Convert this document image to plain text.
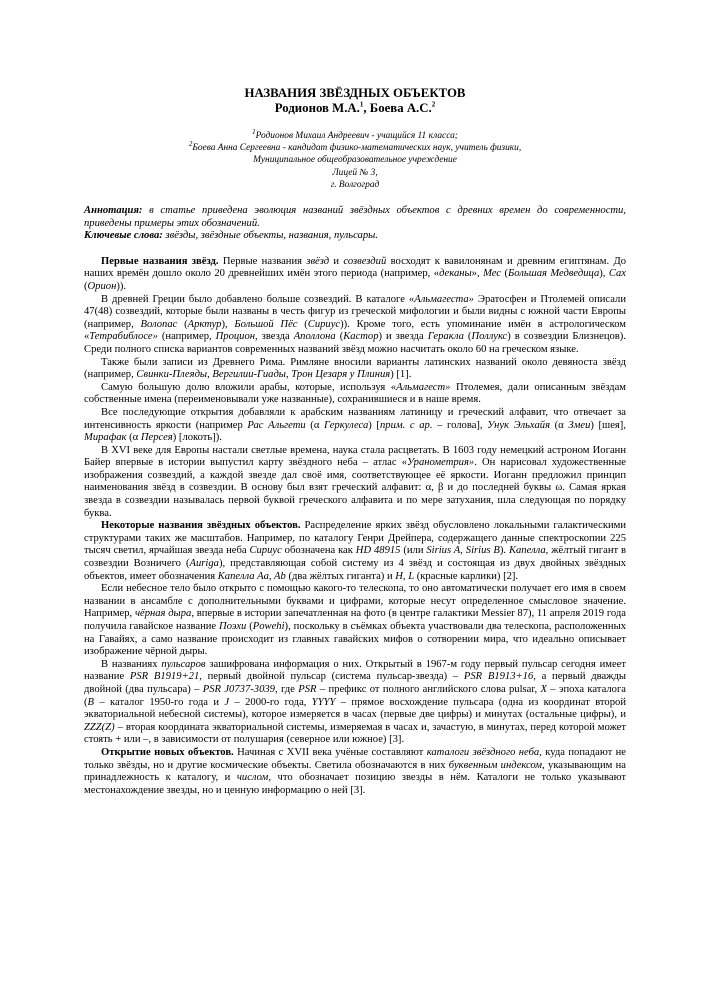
НАЗВАНИЯ ЗВЁЗДНЫХ ОБЪЕКТОВ
Родионов М.А.$^1$, Боева А.С.$^2$
$^1$Родионов Михаил Андреевич - учащийся 11 класса;
$^2$Боева Анна Сергеевна - кандидат физико-математических наук, учитель физики,
Муниципальное общеобразовательное учреждение
Лицей № 3,
г. Волгоград
Аннотация: в статье приведена эволюция названий звёздных объектов с древних времен до современности, приведены примеры этих обозначений.
Ключевые слова: звёзды, звёздные объекты, названия, пульсары.

Первые названия звёзд. Первые названия звёзд и созвездий восходят к вавилонянам и древним египтянам. До наших времён дошло около 20 древнейших имён этого периода (например, «деканы», Мес (Большая Медведица), Сах (Орион)).

В древней Греции было добавлено больше созвездий. В каталоге «Альмагеста» Эратосфен и Птолемей описали 47(48) созвездий, которые были названы в честь фигур из греческой мифологии и были видны с южной части Европы (например, Волопас (Арктур), Большой Пёс (Сириус)). Кроме того, есть упоминание имён в астрологическом «Тетрабиблосе» (например, Процион, звезда Аполлона (Кастор) и звезда Геракла (Поллукс) в созвездии Близнецов). Среди полного списка вариантов современных названий звёзд можно насчитать около 60 на греческом языке.

Также были записи из Древнего Рима. Римляне вносили варианты латинских названий около девяноста звёзд (например, Свинки-Плеяды, Вергилии-Гиады, Трон Цезаря у Плиния) [1].

Самую большую долю вложили арабы, которые, используя «Альмагест» Птолемея, дали описанным звёздам собственные имена (переименовывали уже названные), сохранившиеся и в наше время.

Все последующие открытия добавляли к арабским названиям латиницу и греческий алфавит, что отвечает за интенсивность яркости (например Рас Альгети (α Геркулеса) [прим. с ар. – голова], Унук Эльхайя (α Змеи) [шея], Мирафак (α Персея) [локоть]).

В XVI веке для Европы настали светлые времена, наука стала расцветать. В 1603 году немецкий астроном Иоганн Байер впервые в истории выпустил карту звёздного неба – атлас «Уранометрия». Он нарисовал художественные изображения созвездий, а каждой звезде дал своё имя, соответствующее её яркости. Иоганн предложил принцип наименования звёзд в созвездии. В основу был взят греческий алфавит: α, β и до последней буквы ω. Самая яркая звезда в созвездии называлась первой буквой греческого алфавита и по мере затухания, шла следующая по порядку буква.

Некоторые названия звёздных объектов. Распределение ярких звёзд обусловлено локальными галактическими структурами таких же масштабов. Например, по каталогу Генри Дрейпера, содержащего данные спектроскопии 225 тысяч светил, ярчайшая звезда неба Сириус обозначена как HD 48915 (или Sirius A, Sirius B). Капелла, жёлтый гигант в созвездии Возничего (Auriga), представляющая собой систему из 4 звёзд и состоящая из двух двойных звёздных объектов, имеет обозначения Капелла Aa, Ab (два жёлтых гиганта) и H, L (красные карлики) [2].

Если небесное тело было открыто с помощью какого-то телескопа, то оно автоматически получает его имя в своем названии в ансамбле с дополнительными буквами и цифрами, которые несут определенное смысловое значение. Например, чёрная дыра, впервые в истории запечатленная на фото (в центре галактики Messier 87), 11 апреля 2019 года получила гавайское название Поэхи (Powehi), поскольку в съёмках объекта участвовали два телескопа, расположенных на Гавайях, а само название происходит из главных гавайских мифов о сотворении мира, что идеально описывает изображение чёрной дыры.

В названиях пульсаров зашифрована информация о них. Открытый в 1967-м году первый пульсар сегодня имеет название PSR B1919+21, первый двойной пульсар (система пульсар-звезда) – PSR B1913+16, а первый дважды двойной (два пульсара) – PSR J0737-3039, где PSR – префикс от полного английского слова pulsar, X – эпоха каталога (B – каталог 1950-го года и J – 2000-го года, YYYY – прямое восхождение пульсара (одна из координат второй экваториальной небесной системы), которое измеряется в часах (первые две цифры) и минутах (остальные цифры), и ZZZ(Z) – вторая координата экваториальной системы, измеряемая в часах и, зачастую, в минутах, перед которой может стоять + или –, в зависимости от полушария (северное или южное) [3].

Открытие новых объектов. Начиная с XVII века учёные составляют каталоги звёздного неба, куда попадают не только звёзды, но и другие космические объекты. Светила обозначаются в них буквенным индексом, указывающим на принадлежность к каталогу, и числом, что обозначает позицию звезды в нём. Каталоги не только указывают местонахождение звезды, но и ценную информацию о ней [3].
